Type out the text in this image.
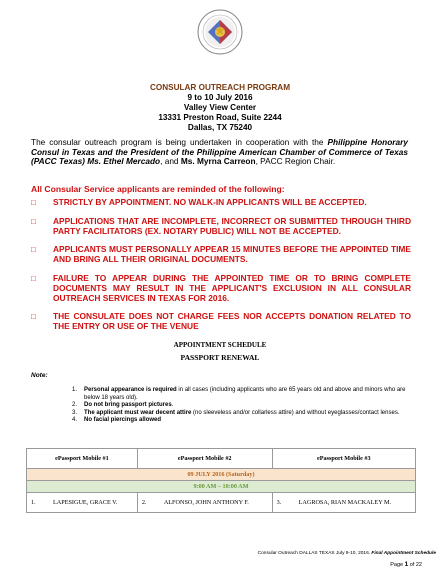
CONSULAR OUTREACH PROGRAM
9 to 10 July 2016
Valley View Center
13331 Preston Road, Suite 2244
Dallas, TX 75240

The consular outreach program is being undertaken in cooperation with the Philippine Honorary Consul in Texas and the President of the Philippine American Chamber of Commerce of Texas (PACC Texas) Ms. Ethel Mercado, and Ms. Myrna Carreon, PACC Region Chair.

All Consular Service applicants are reminded of the following:
□	STRICTLY BY APPOINTMENT. NO WALK-IN APPLICANTS WILL BE ACCEPTED.
□	APPLICATIONS THAT ARE INCOMPLETE, INCORRECT OR SUBMITTED THROUGH THIRD PARTY FACILITATORS (EX. NOTARY PUBLIC) WILL NOT BE ACCEPTED.
□	APPLICANTS MUST PERSONALLY APPEAR 15 MINUTES BEFORE THE APPOINTED TIME AND BRING ALL THEIR ORIGINAL DOCUMENTS.
□	FAILURE TO APPEAR DURING THE APPOINTED TIME OR TO BRING COMPLETE DOCUMENTS MAY RESULT IN THE APPLICANT'S EXCLUSION IN ALL CONSULAR OUTREACH SERVICES IN TEXAS FOR 2016.
□	THE CONSULATE DOES NOT CHARGE FEES NOR ACCEPTS DONATION RELATED TO THE ENTRY OR USE OF THE VENUE
APPOINTMENT SCHEDULE
PASSPORT RENEWAL
Note:
1.	Personal appearance is required in all cases (including applicants who are 65 years old and above and minors who are below 18 years old).
2.	Do not bring passport pictures.
3.	The applicant must wear decent attire (no sleeveless and/or collarless attire) and without eyeglasses/contact lenses.
4.	No facial piercings allowed
ePassport Mobile #1	ePassport Mobile #2	ePassport Mobile #3
09 JULY 2016 (Saturday)		
9:00 AM – 10:00 AM		

1. LAPESIGUE, GRACE V.	2. ALFONSO, JOHN ANTHONY F.	3. LAGROSA, RIAN MACKALEY M.
Consular Outreach DALLAS TEXAS July 9-10, 2016. Final Appointment Schedule
Page 1 of 22
